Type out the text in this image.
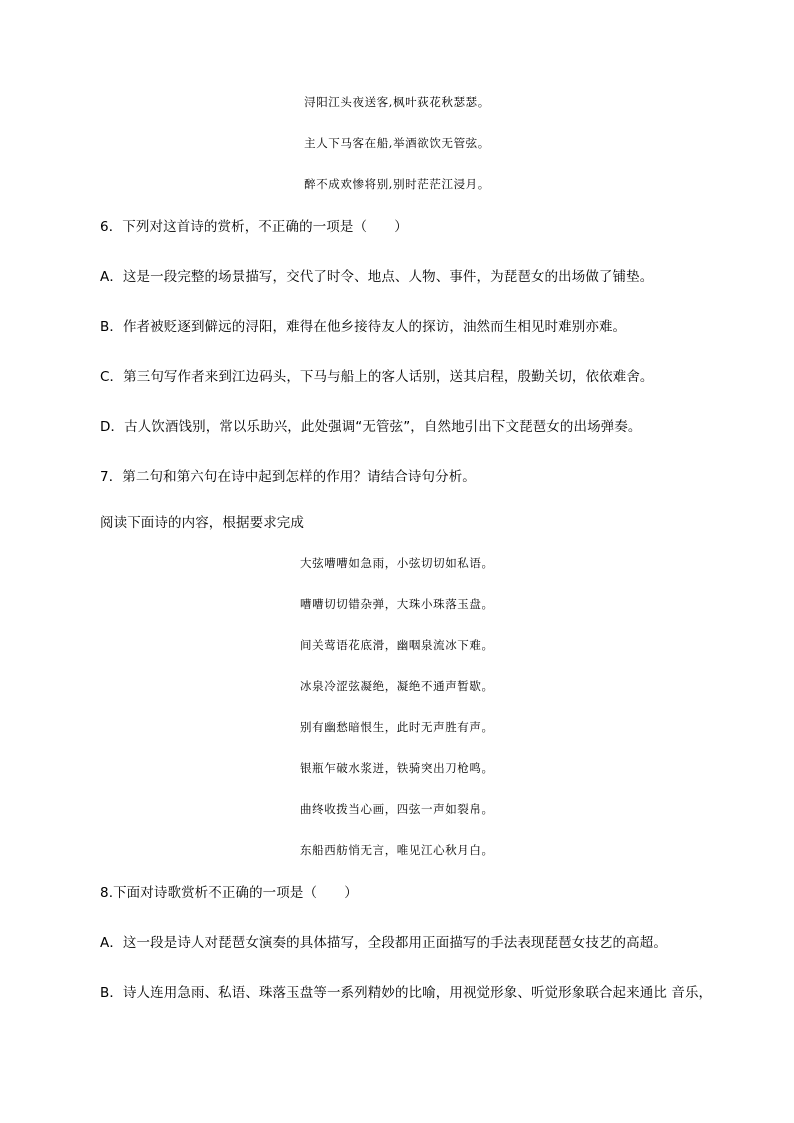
浔阳江头夜送客,枫叶荻花秋瑟瑟。
主人下马客在船,举酒欲饮无管弦。
醉不成欢惨将别,别时茫茫江浸月。
6．下列对这首诗的赏析，不正确的一项是（　　）
A．这是一段完整的场景描写，交代了时令、地点、人物、事件，为琵琶女的出场做了铺垫。
B．作者被贬逐到僻远的浔阳，难得在他乡接待友人的探访，油然而生相见时难别亦难。
C．第三句写作者来到江边码头，下马与船上的客人话别，送其启程，殷勤关切，依依难舍。
D．古人饮酒饯别，常以乐助兴，此处强调“无管弦”，自然地引出下文琵琶女的出场弹奏。
7．第二句和第六句在诗中起到怎样的作用？请结合诗句分析。
阅读下面诗的内容，根据要求完成
大弦嘈嘈如急雨，小弦切切如私语。
嘈嘈切切错杂弹，大珠小珠落玉盘。
间关莺语花底滑，幽咽泉流冰下难。
冰泉冷涩弦凝绝，凝绝不通声暂歇。
别有幽愁暗恨生，此时无声胜有声。
银瓶乍破水浆迸，铁骑突出刀枪鸣。
曲终收拨当心画，四弦一声如裂帛。
东船西舫悄无言，唯见江心秋月白。
8.下面对诗歌赏析不正确的一项是（　　）
A．这一段是诗人对琵琶女演奏的具体描写，全段都用正面描写的手法表现琵琶女技艺的高超。
B．诗人连用急雨、私语、珠落玉盘等一系列精妙的比喻，用视觉形象、听觉形象联合起来通比 音乐，
